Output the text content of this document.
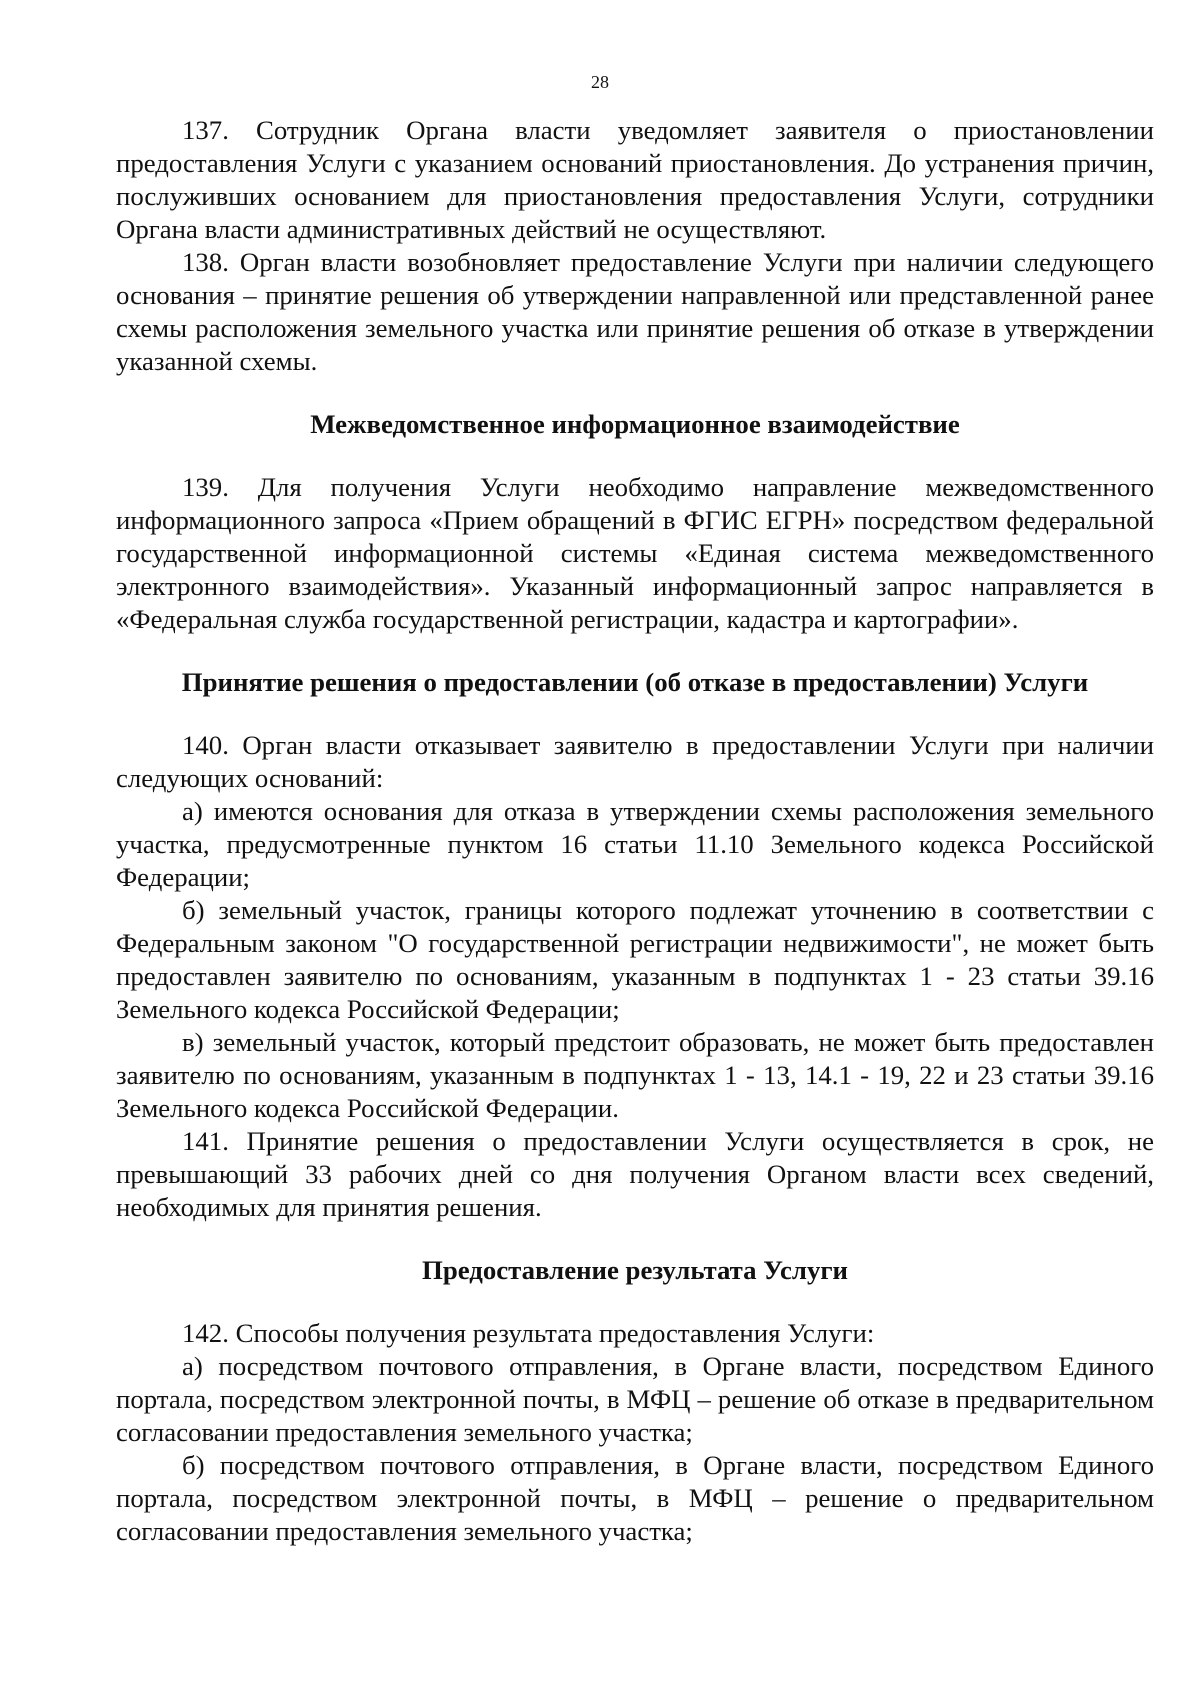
28

137. Сотрудник Органа власти уведомляет заявителя о приостановлении предоставления Услуги с указанием оснований приостановления. До устранения причин, послуживших основанием для приостановления предоставления Услуги, сотрудники Органа власти административных действий не осуществляют.

138. Орган власти возобновляет предоставление Услуги при наличии следующего основания – принятие решения об утверждении направленной или представленной ранее схемы расположения земельного участка или принятие решения об отказе в утверждении указанной схемы.

Межведомственное информационное взаимодействие

139. Для получения Услуги необходимо направление межведомственного информационного запроса «Прием обращений в ФГИС ЕГРН» посредством федеральной государственной информационной системы «Единая система межведомственного электронного взаимодействия». Указанный информационный запрос направляется в «Федеральная служба государственной регистрации, кадастра и картографии».

Принятие решения о предоставлении (об отказе в предоставлении) Услуги

140. Орган власти отказывает заявителю в предоставлении Услуги при наличии следующих оснований:

а) имеются основания для отказа в утверждении схемы расположения земельного участка, предусмотренные пунктом 16 статьи 11.10 Земельного кодекса Российской Федерации;

б) земельный участок, границы которого подлежат уточнению в соответствии с Федеральным законом "О государственной регистрации недвижимости", не может быть предоставлен заявителю по основаниям, указанным в подпунктах 1 - 23 статьи 39.16 Земельного кодекса Российской Федерации;

в) земельный участок, который предстоит образовать, не может быть предоставлен заявителю по основаниям, указанным в подпунктах 1 - 13, 14.1 - 19, 22 и 23 статьи 39.16 Земельного кодекса Российской Федерации.

141. Принятие решения о предоставлении Услуги осуществляется в срок, не превышающий 33 рабочих дней со дня получения Органом власти всех сведений, необходимых для принятия решения.

Предоставление результата Услуги

142. Способы получения результата предоставления Услуги:

а) посредством почтового отправления, в Органе власти, посредством Единого портала, посредством электронной почты, в МФЦ – решение об отказе в предварительном согласовании предоставления земельного участка;

б) посредством почтового отправления, в Органе власти, посредством Единого портала, посредством электронной почты, в МФЦ – решение о предварительном согласовании предоставления земельного участка;
